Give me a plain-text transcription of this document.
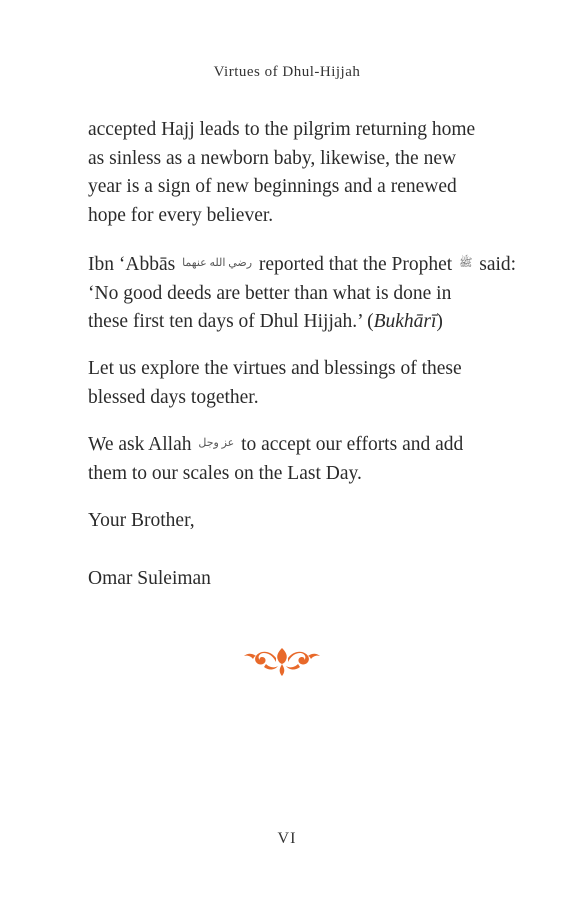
Virtues of Dhul-Hijjah

accepted Hajj leads to the pilgrim returning home

as sinless as a newborn baby, likewise, the new

year is a sign of new beginnings and a renewed

hope for every believer.

Ibn ‘Abbās رضي الله عنهما reported that the Prophet ﷺ said:

‘No good deeds are better than what is done in

these first ten days of Dhul Hijjah.’ (Bukhārī)

Let us explore the virtues and blessings of these

blessed days together.

We ask Allah عز وجل to accept our efforts and add

them to our scales on the Last Day.

Your Brother,

Omar Suleiman

VI
